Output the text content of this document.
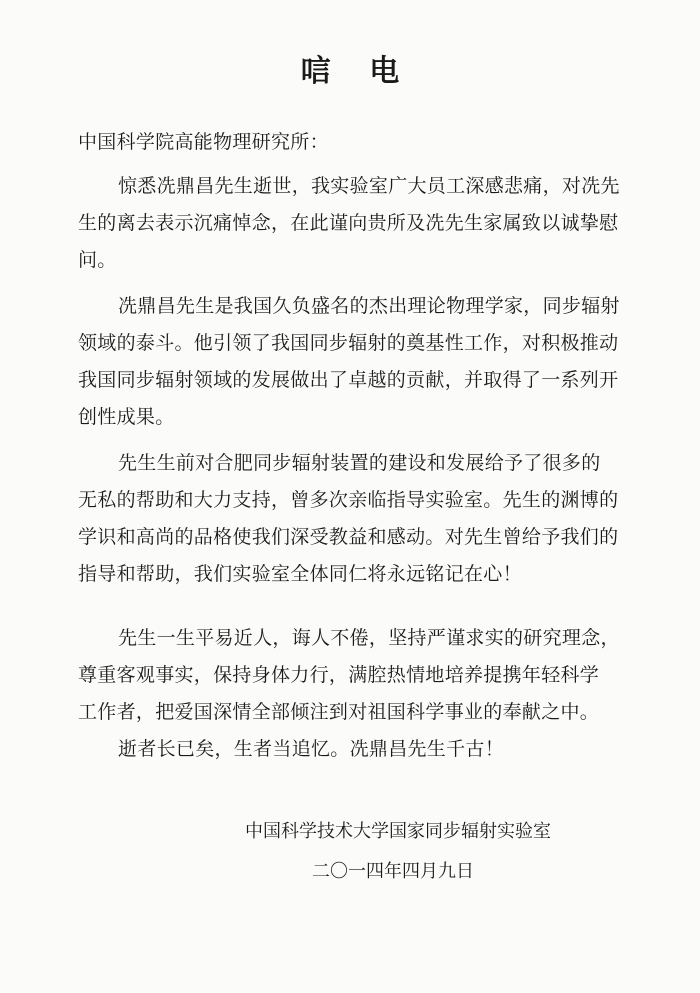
唁 电
中国科学院高能物理研究所：
惊悉冼鼎昌先生逝世，我实验室广大员工深感悲痛，对冼先
生的离去表示沉痛悼念，在此谨向贵所及冼先生家属致以诚挚慰
问。
冼鼎昌先生是我国久负盛名的杰出理论物理学家，同步辐射
领域的泰斗。他引领了我国同步辐射的奠基性工作，对积极推动
我国同步辐射领域的发展做出了卓越的贡献，并取得了一系列开
创性成果。
先生生前对合肥同步辐射装置的建设和发展给予了很多的
无私的帮助和大力支持，曾多次亲临指导实验室。先生的渊博的
学识和高尚的品格使我们深受教益和感动。对先生曾给予我们的
指导和帮助，我们实验室全体同仁将永远铭记在心！
先生一生平易近人，诲人不倦，坚持严谨求实的研究理念，
尊重客观事实，保持身体力行，满腔热情地培养提携年轻科学
工作者，把爱国深情全部倾注到对祖国科学事业的奉献之中。
逝者长已矣，生者当追忆。冼鼎昌先生千古！
中国科学技术大学国家同步辐射实验室
二〇一四年四月九日
